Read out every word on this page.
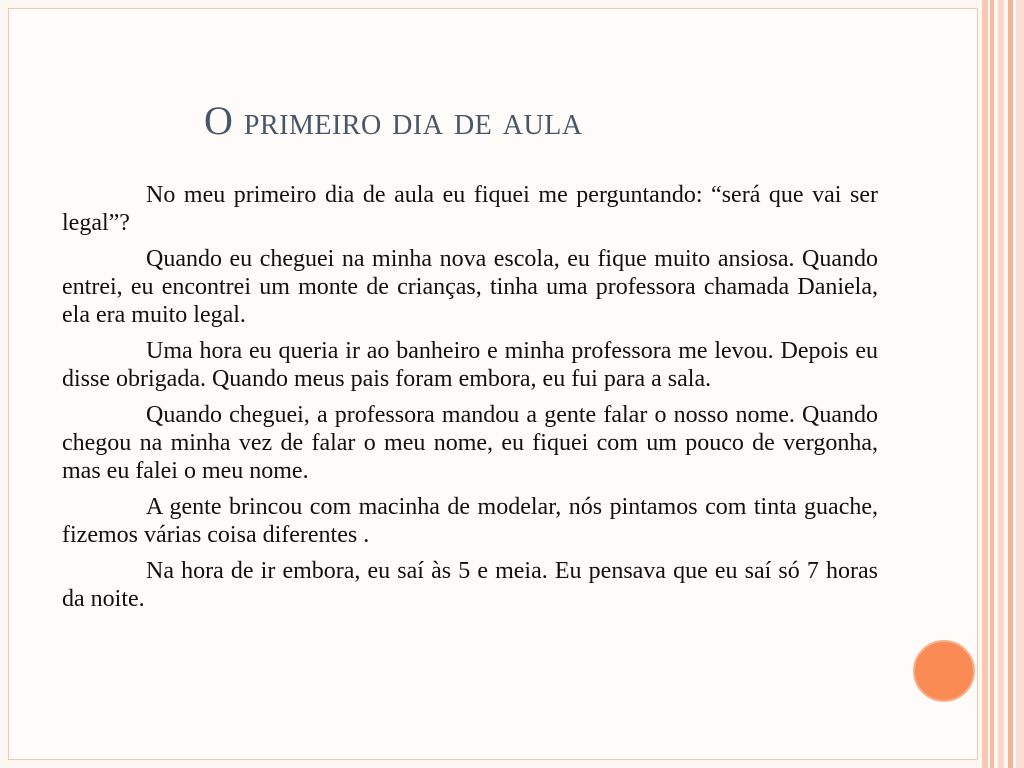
O primeiro dia de aula

No meu primeiro dia de aula eu fiquei me perguntando: “será que vai ser legal”?

Quando eu cheguei na minha nova escola, eu fique muito ansiosa. Quando entrei, eu encontrei um monte de crianças, tinha uma professora chamada Daniela, ela era muito legal.

Uma hora eu queria ir ao banheiro e minha professora me levou. Depois eu disse obrigada. Quando meus pais foram embora, eu fui para a sala.

Quando cheguei, a professora mandou a gente falar o nosso nome. Quando chegou na minha vez de falar o meu nome, eu fiquei com um pouco de vergonha, mas eu falei o meu nome.

A gente brincou com macinha de modelar, nós pintamos com tinta guache, fizemos várias coisa diferentes .

Na hora de ir embora, eu saí às 5 e meia. Eu pensava que eu saí só 7 horas da noite.
